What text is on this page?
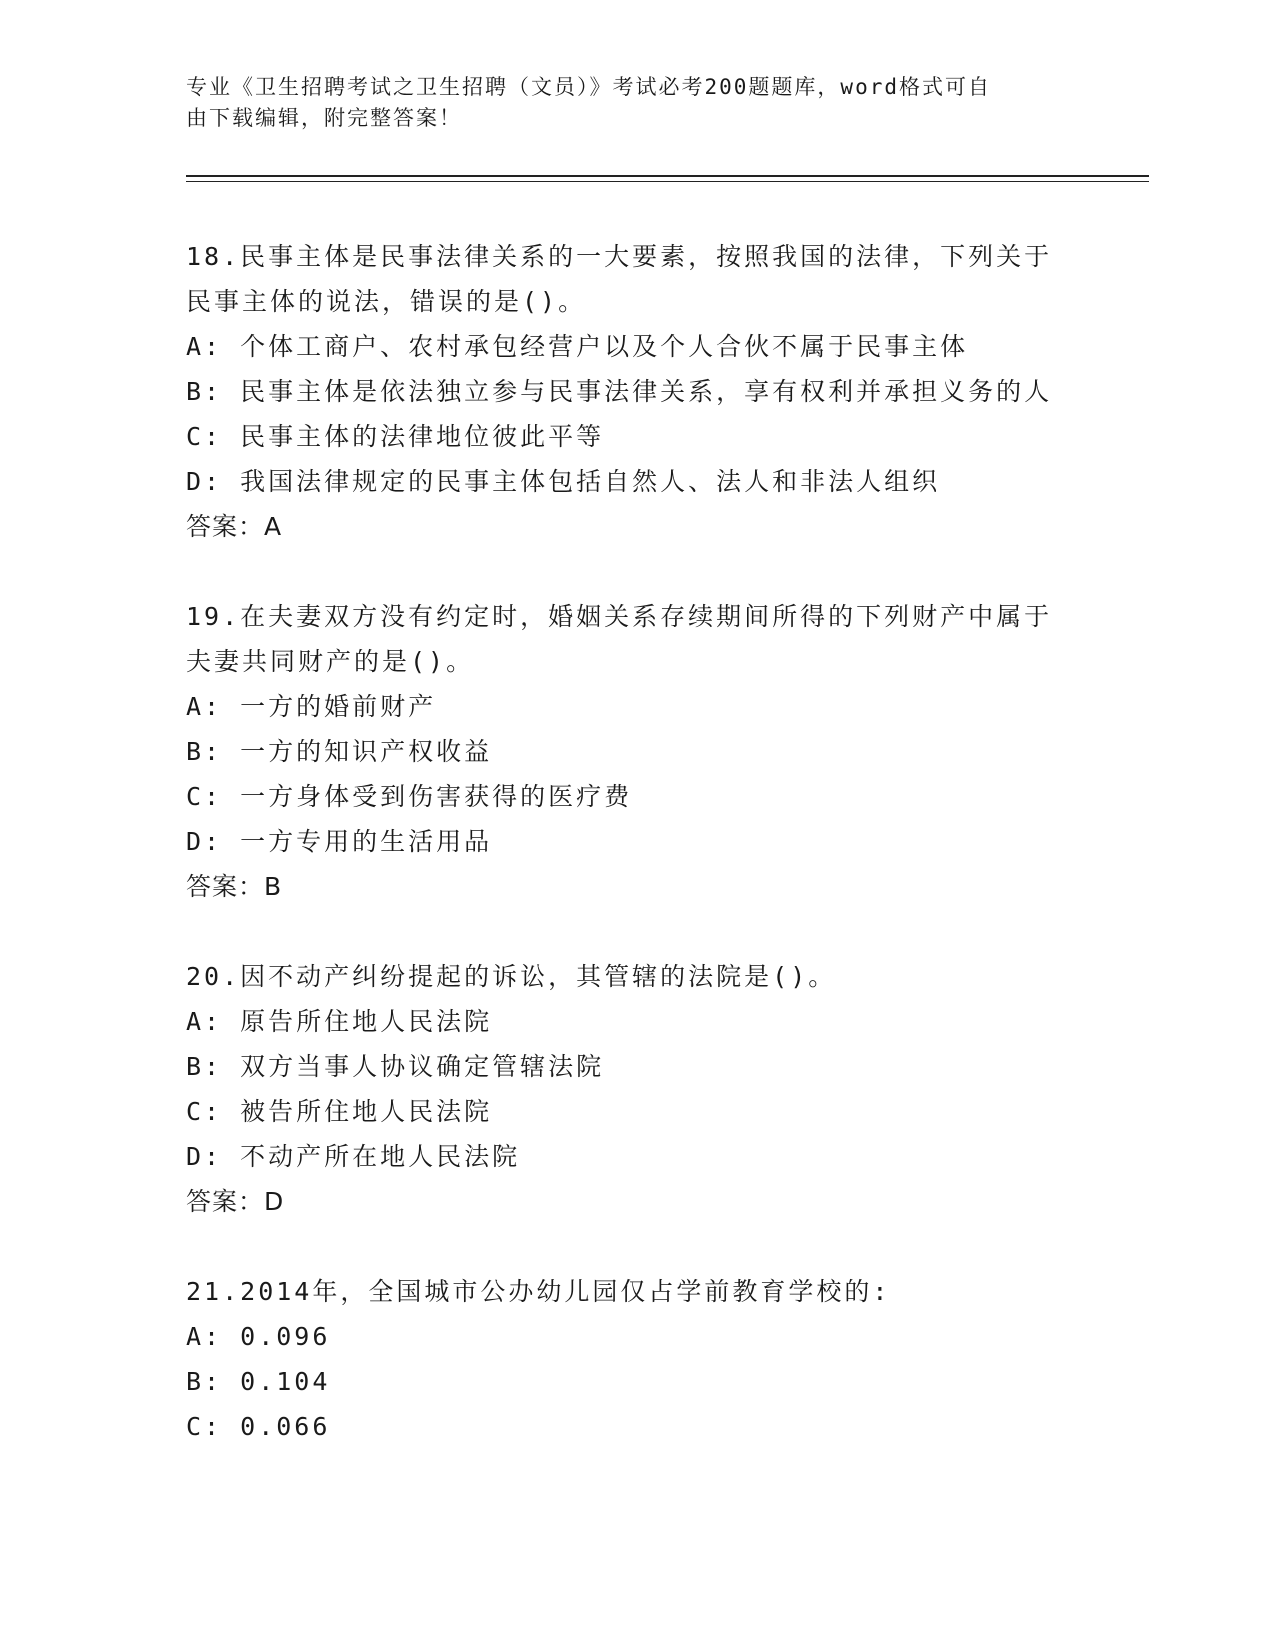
专业《卫生招聘考试之卫生招聘（文员）》考试必考200题题库，word格式可自
由下载编辑，附完整答案！

18.民事主体是民事法律关系的一大要素，按照我国的法律，下列关于

民事主体的说法，错误的是()。

A: 个体工商户、农村承包经营户以及个人合伙不属于民事主体

B: 民事主体是依法独立参与民事法律关系，享有权利并承担义务的人

C: 民事主体的法律地位彼此平等

D: 我国法律规定的民事主体包括自然人、法人和非法人组织

答案：A

19.在夫妻双方没有约定时，婚姻关系存续期间所得的下列财产中属于

夫妻共同财产的是()。

A: 一方的婚前财产

B: 一方的知识产权收益

C: 一方身体受到伤害获得的医疗费

D: 一方专用的生活用品

答案：B

20.因不动产纠纷提起的诉讼，其管辖的法院是()。

A: 原告所住地人民法院

B: 双方当事人协议确定管辖法院

C: 被告所住地人民法院

D: 不动产所在地人民法院

答案：D

21.2014年，全国城市公办幼儿园仅占学前教育学校的:

A: 0.096

B: 0.104

C: 0.066
